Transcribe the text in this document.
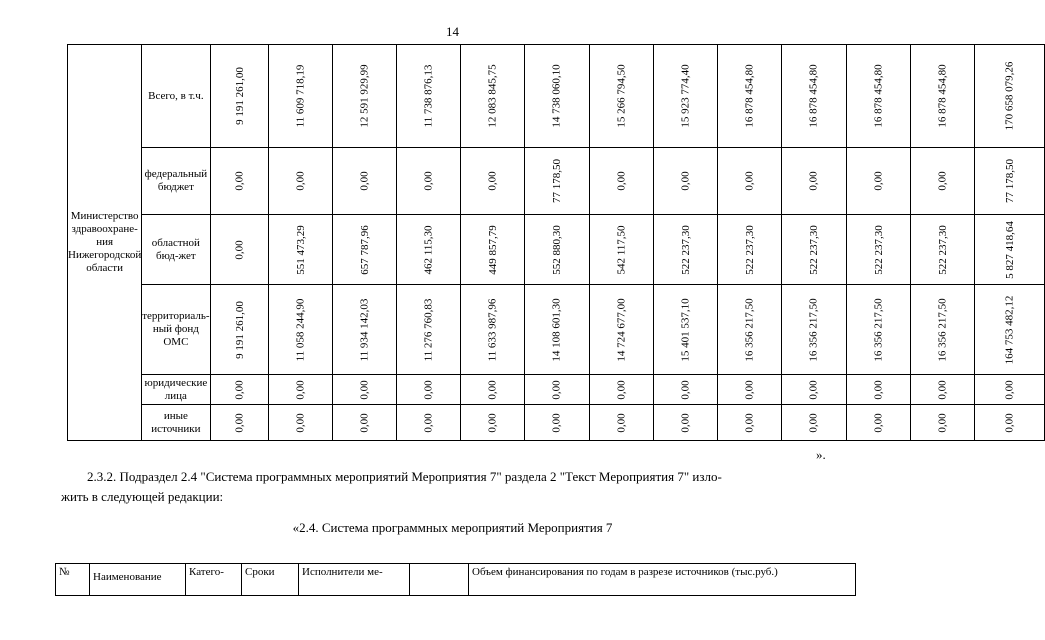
14
Министерство здравоохране-ния Нижегородской области	Всего, в т.ч.	9 191 261,00	11 609 718,19	12 591 929,99	11 738 876,13	12 083 845,75	14 738 060,10	15 266 794,50	15 923 774,40	16 878 454,80	16 878 454,80	16 878 454,80	16 878 454,80	170 658 079,26
	федеральный бюджет	0,00	0,00	0,00	0,00	0,00	77 178,50	0,00	0,00	0,00	0,00	0,00	0,00	77 178,50
	областной бюд-жет	0,00	551 473,29	657 787,96	462 115,30	449 857,79	552 880,30	542 117,50	522 237,30	522 237,30	522 237,30	522 237,30	522 237,30	5 827 418,64
	территориаль-ный фонд ОМС	9 191 261,00	11 058 244,90	11 934 142,03	11 276 760,83	11 633 987,96	14 108 601,30	14 724 677,00	15 401 537,10	16 356 217,50	16 356 217,50	16 356 217,50	16 356 217,50	164 753 482,12
	юридические лица	0,00	0,00	0,00	0,00	0,00	0,00	0,00	0,00	0,00	0,00	0,00	0,00	0,00
	иные источники	0,00	0,00	0,00	0,00	0,00	0,00	0,00	0,00	0,00	0,00	0,00	0,00	0,00
».
2.3.2. Подраздел 2.4 "Система программных мероприятий Мероприятия 7" раздела 2 "Текст Мероприятия 7" изло-
жить в следующей редакции:
«2.4. Система программных мероприятий Мероприятия 7
№	Наименование	Катего-	Сроки	Исполнители ме-		Объем финансирования по годам в разрезе источников (тыс.руб.)
